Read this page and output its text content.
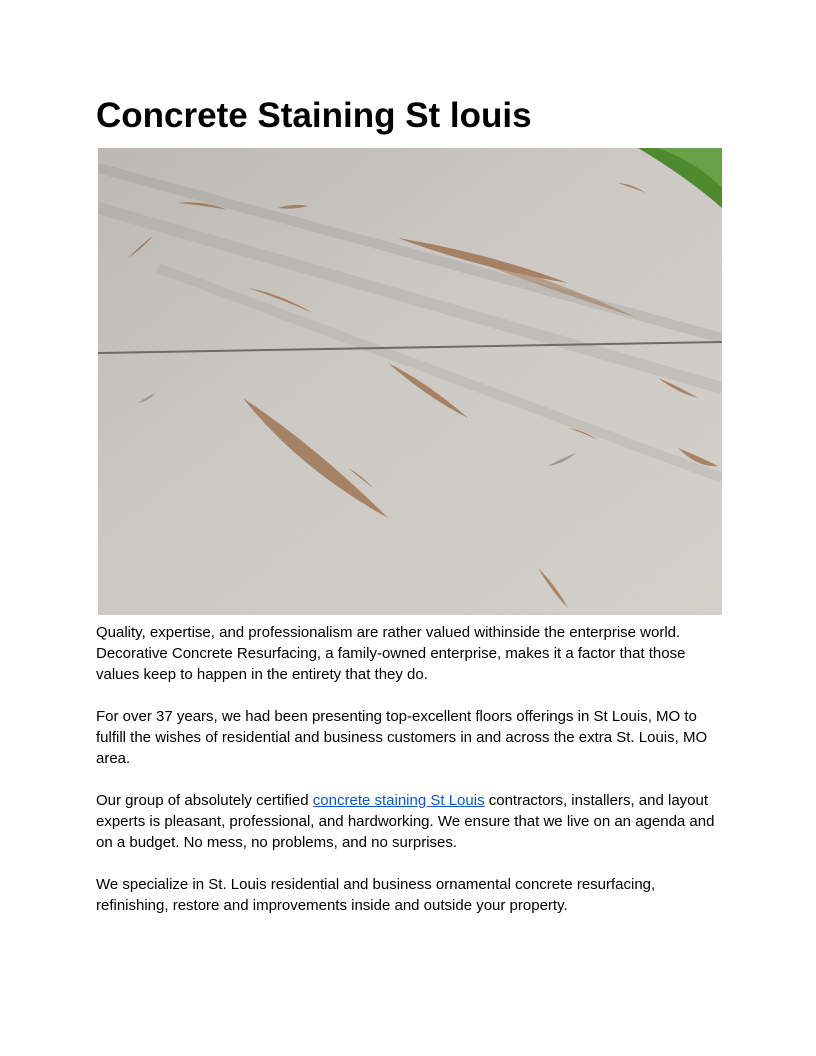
Concrete Staining St louis

Quality, expertise, and professionalism are rather valued withinside the enterprise world. Decorative Concrete Resurfacing, a family-owned enterprise, makes it a factor that those values keep to happen in the entirety that they do.

For over 37 years, we had been presenting top-excellent floors offerings in St Louis, MO to fulfill the wishes of residential and business customers in and across the extra St. Louis, MO area.

Our group of absolutely certified concrete staining St Louis contractors, installers, and layout experts is pleasant, professional, and hardworking. We ensure that we live on an agenda and on a budget. No mess, no problems, and no surprises.

We specialize in St. Louis residential and business ornamental concrete resurfacing, refinishing, restore and improvements inside and outside your property.
